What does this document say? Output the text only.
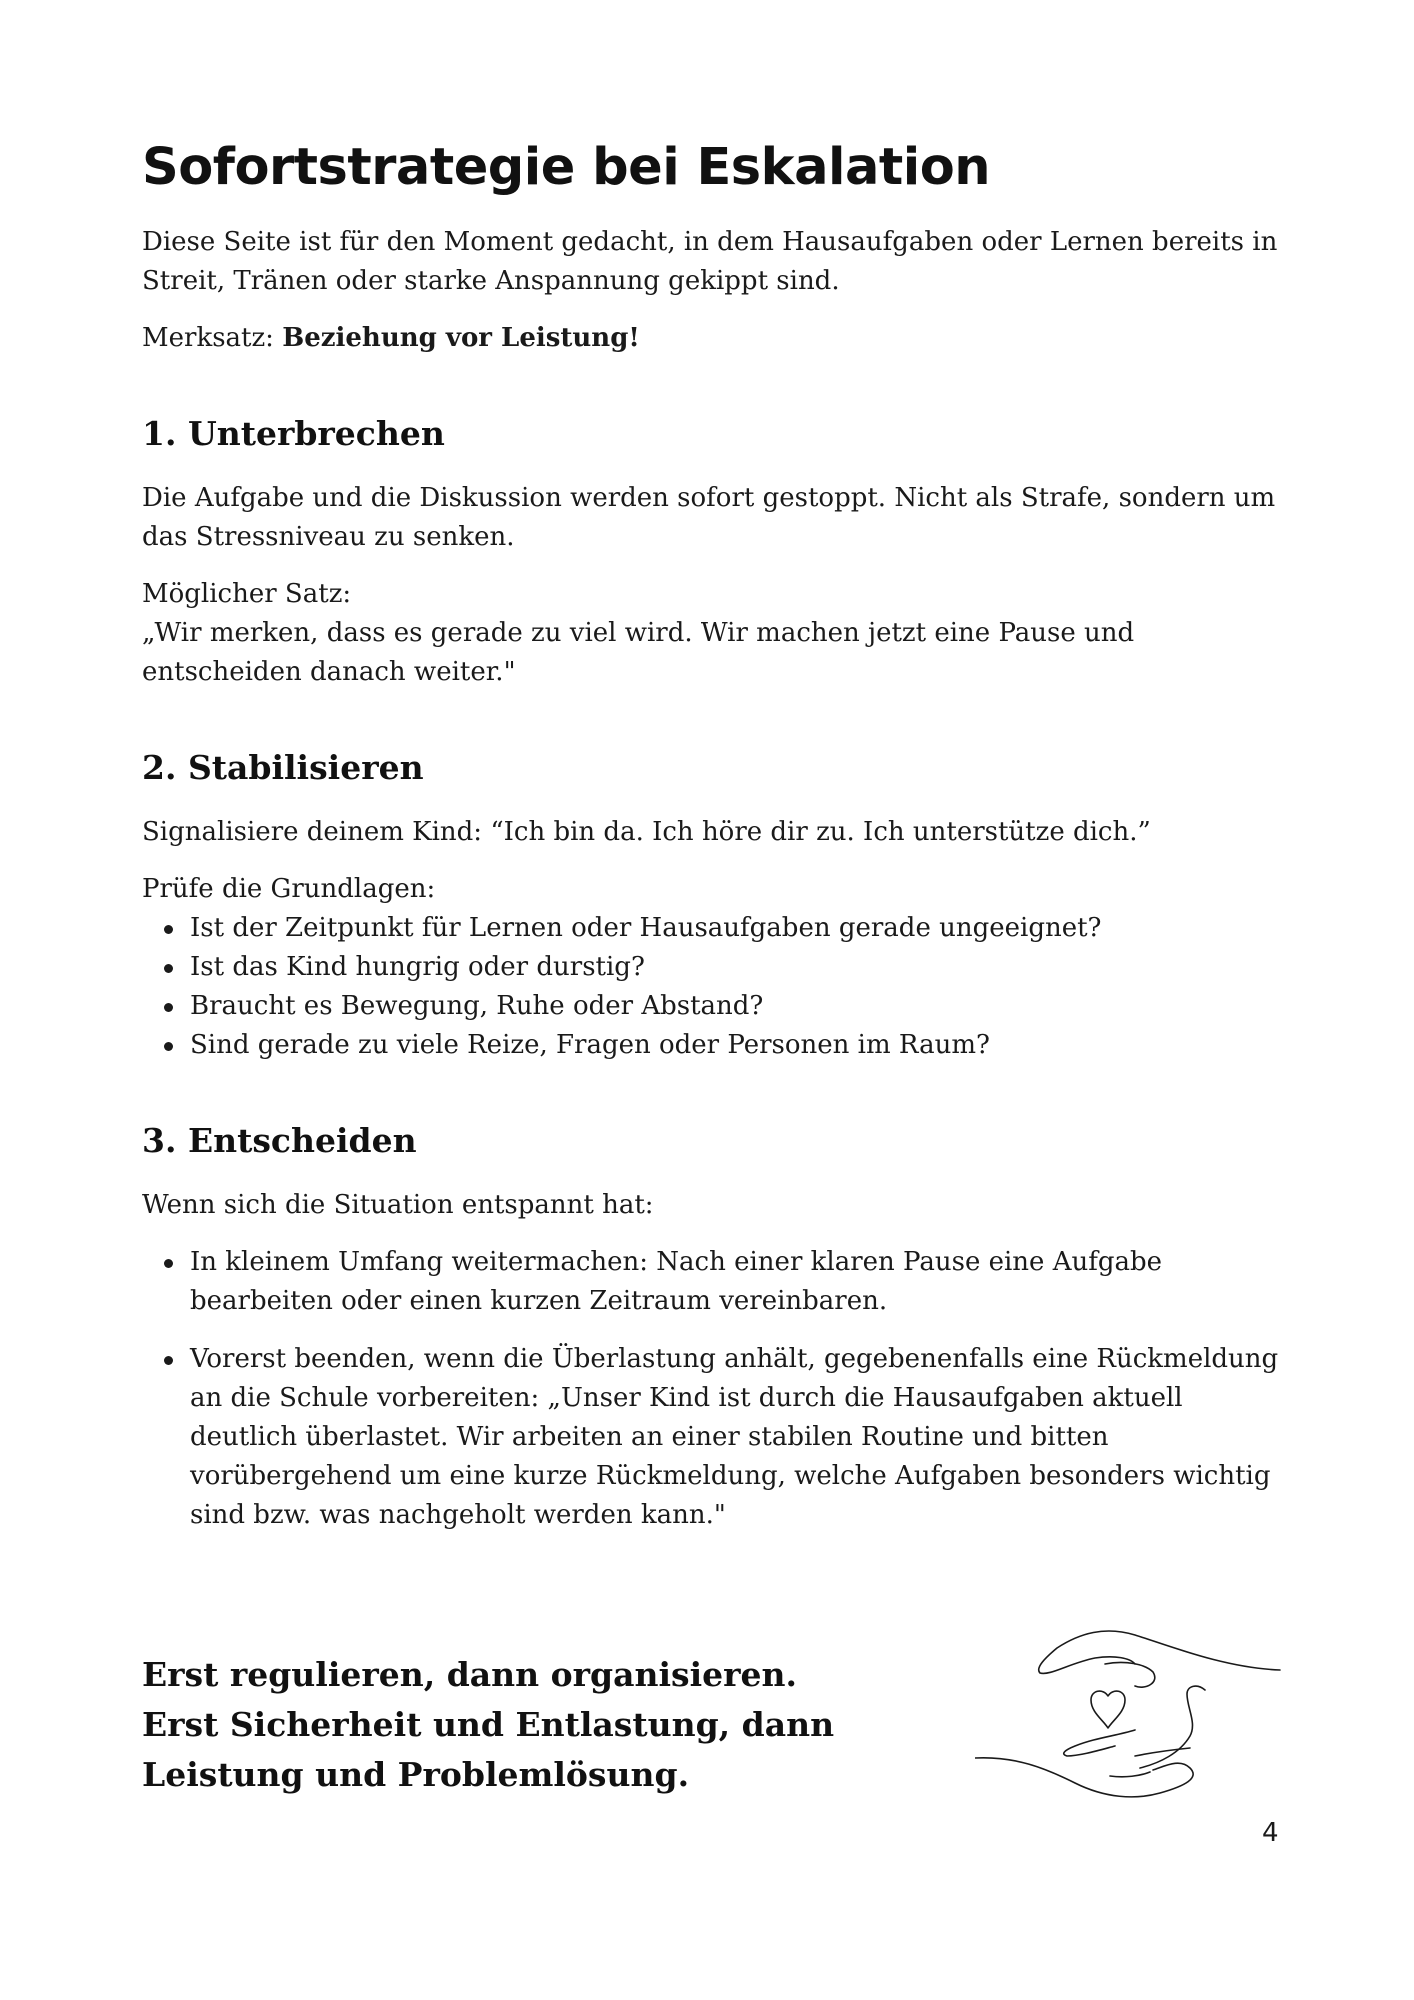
Sofortstrategie bei Eskalation

Diese Seite ist für den Moment gedacht, in dem Hausaufgaben oder Lernen bereits in Streit, Tränen oder starke Anspannung gekippt sind.

Merksatz: Beziehung vor Leistung!

1. Unterbrechen

Die Aufgabe und die Diskussion werden sofort gestoppt. Nicht als Strafe, sondern um das Stressniveau zu senken.

Möglicher Satz:

„Wir merken, dass es gerade zu viel wird. Wir machen jetzt eine Pause und entscheiden danach weiter."

2. Stabilisieren

Signalisiere deinem Kind: “Ich bin da. Ich höre dir zu. Ich unterstütze dich.”

Prüfe die Grundlagen:

Ist der Zeitpunkt für Lernen oder Hausaufgaben gerade ungeeignet?
Ist das Kind hungrig oder durstig?
Braucht es Bewegung, Ruhe oder Abstand?
Sind gerade zu viele Reize, Fragen oder Personen im Raum?
3. Entscheiden

Wenn sich die Situation entspannt hat:

In kleinem Umfang weitermachen: Nach einer klaren Pause eine Aufgabe bearbeiten oder einen kurzen Zeitraum vereinbaren.
Vorerst beenden, wenn die Überlastung anhält, gegebenenfalls eine Rückmeldung an die Schule vorbereiten: „Unser Kind ist durch die Hausaufgaben aktuell deutlich überlastet. Wir arbeiten an einer stabilen Routine und bitten vorübergehend um eine kurze Rückmeldung, welche Aufgaben besonders wichtig sind bzw. was nachgeholt werden kann."
Erst regulieren, dann organisieren.
Erst Sicherheit und Entlastung, dann Leistung und Problemlösung.
4
